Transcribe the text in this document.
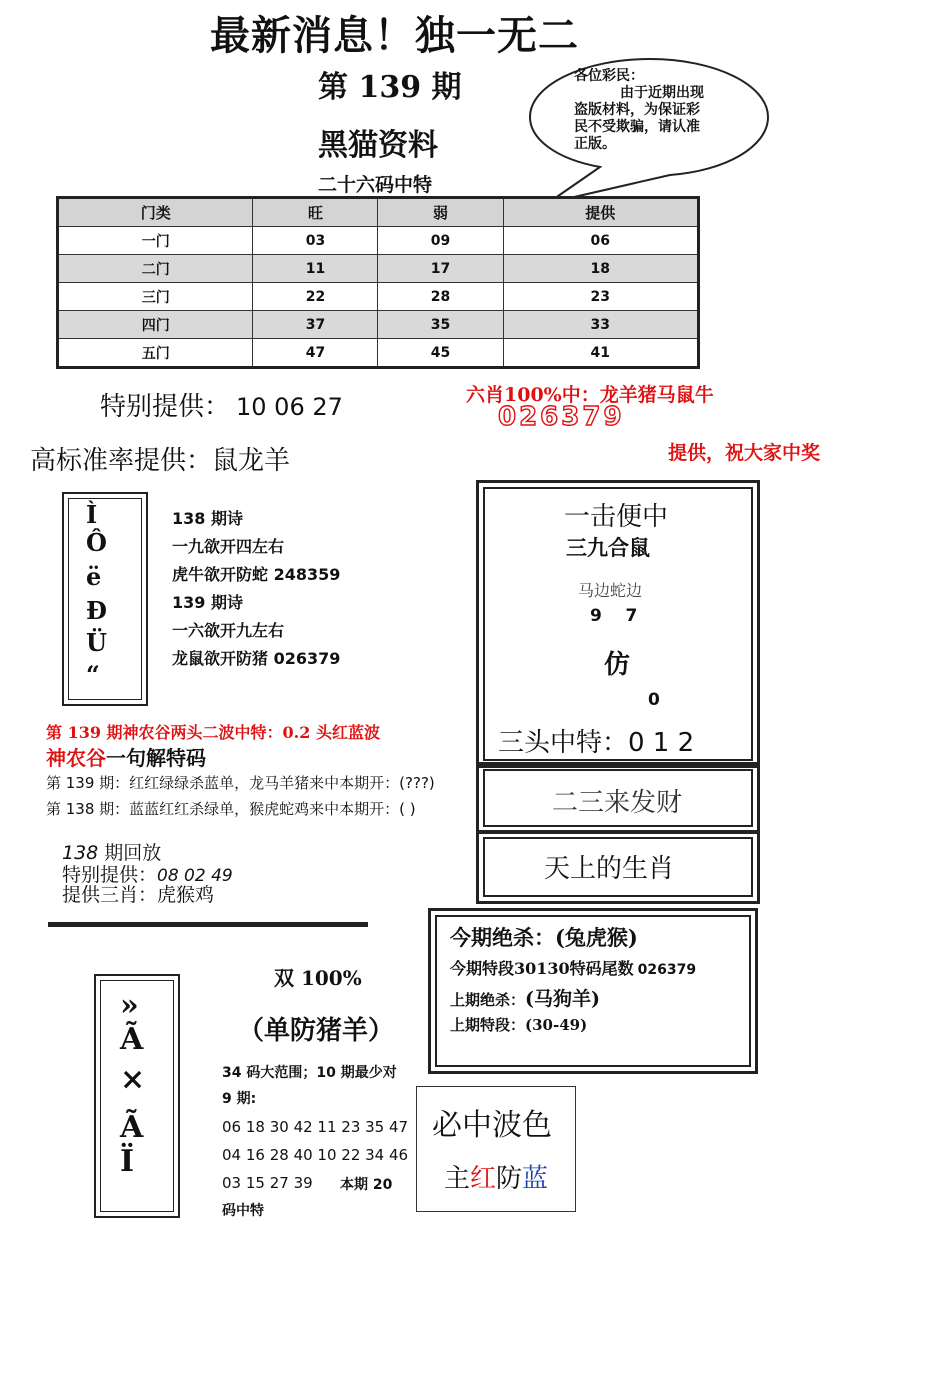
最新消息！独一无二
第 139 期
黑猫资料
二十六码中特
各位彩民：
由于近期出现
盗版材料，为保证彩
民不受欺骗，请认准
正版。
门类	旺	弱	提供
一门	03	09	06
二门	11	17	18
三门	22	28	23
四门	37	35	33
五门	47	45	41
特别提供： 10 06 27	六肖100%中：龙羊猪马鼠牛
026379
提供，祝大家中奖
高标准率提供：鼠龙羊
Ì
Ô
ë
Ð
Ü
“
138 期诗
一九欲开四左右
虎牛欲开防蛇 248359
139 期诗
一六欲开九左右
龙鼠欲开防猪 026379
一击便中
三九合鼠
马边蛇边
9    7
仿
0
三头中特：0 1 2
二三来发财
天上的生肖
第 139 期神农谷两头二波中特：0.2 头红蓝波
神农谷一句解特码
第 139 期：红红绿绿杀蓝单，龙马羊猪来中本期开：(???)
第 138 期：蓝蓝红红杀绿单，猴虎蛇鸡来中本期开：( )
138 期回放
特别提供：08 02 49
提供三肖：虎猴鸡
»
Ã
×
Ã
Ï
双 100%
（单防猪羊）
34 码大范围；10 期最少对
9 期:
06 18 30 42 11 23 35 47
04 16 28 40 10 22 34 46
03 15 27 39 本期 20
码中特
今期绝杀：(兔虎猴)
今期特段30130特码尾数 026379
上期绝杀：(马狗羊)
上期特段：(30-49)
必中波色
主红防蓝
